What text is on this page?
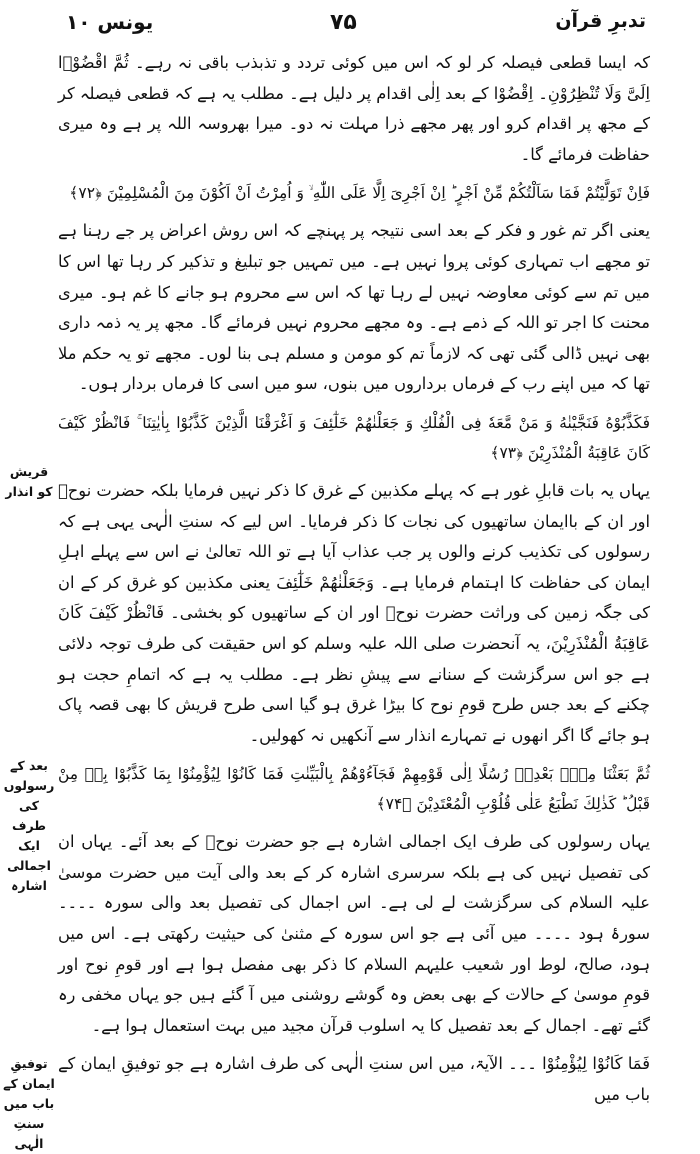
یونس ۱۰	۷۵	تدبرِ قرآن

کہ ایسا قطعی فیصلہ کر لو کہ اس میں کوئی تردد و تذبذب باقی نہ رہے۔ ثُمَّ اقْضُوْۤا اِلَیَّ وَلَا تُنْظِرُوْنِ۔ اِقْضُوْا کے بعد اِلٰی اقدام پر دلیل ہے۔ مطلب یہ ہے کہ قطعی فیصلہ کر کے مجھ پر اقدام کرو اور پھر مجھے ذرا مہلت نہ دو۔ میرا بھروسہ اللہ پر ہے وہ میری حفاظت فرمائے گا۔

فَاِنْ تَوَلَّیْتُمْ فَمَا سَاَلْتُكُمْ مِّنْ اَجْرٍ ؕ اِنْ اَجْرِیَ اِلَّا عَلَی اللّٰهِ ۙ وَ اُمِرْتُ اَنْ اَكُوْنَ مِنَ الْمُسْلِمِیْنَ ﴿۷۲﴾

یعنی اگر تم غور و فکر کے بعد اسی نتیجہ پر پہنچے کہ اس روش اعراض پر جے رہنا ہے تو مجھے اب تمہاری کوئی پروا نہیں ہے۔ میں تمہیں جو تبلیغ و تذکیر کر رہا تھا اس کا میں تم سے کوئی معاوضہ نہیں لے رہا تھا کہ اس سے محروم ہو جانے کا غم ہو۔ میری محنت کا اجر تو اللہ کے ذمے ہے۔ وہ مجھے محروم نہیں فرمائے گا۔ مجھ پر یہ ذمہ داری بھی نہیں ڈالی گئی تھی کہ لازماً تم کو مومن و مسلم ہی بنا لوں۔ مجھے تو یہ حکم ملا تھا کہ میں اپنے رب کے فرماں برداروں میں بنوں، سو میں اسی کا فرماں بردار ہوں۔

فَكَذَّبُوْهُ فَنَجَّیْنٰهُ وَ مَنْ مَّعَهٗ فِی الْفُلْكِ وَ جَعَلْنٰهُمْ خَلٰٓئِفَ وَ اَغْرَقْنَا الَّذِیْنَ كَذَّبُوْا بِاٰیٰتِنَا ۚ فَانْظُرْ كَیْفَ كَانَ عَاقِبَةُ الْمُنْذَرِیْنَ ﴿۷۳﴾

یہاں یہ بات قابلِ غور ہے کہ پہلے مکذبین کے غرق کا ذکر نہیں فرمایا بلکہ حضرت نوحؑ اور ان کے باایمان ساتھیوں کی نجات کا ذکر فرمایا۔ اس لیے کہ سنتِ الٰہی یہی ہے کہ رسولوں کی تکذیب کرنے والوں پر جب عذاب آیا ہے تو اللہ تعالیٰ نے اس سے پہلے اہلِ ایمان کی حفاظت کا اہتمام فرمایا ہے۔ وَجَعَلْنٰهُمْ خَلٰٓئِفَ یعنی مکذبین کو غرق کر کے ان کی جگہ زمین کی وراثت حضرت نوحؑ اور ان کے ساتھیوں کو بخشی۔ فَانْظُرْ كَیْفَ كَانَ عَاقِبَةُ الْمُنْذَرِیْنَ، یہ آنحضرت صلی اللہ علیہ وسلم کو اس حقیقت کی طرف توجہ دلائی ہے جو اس سرگزشت کے سنانے سے پیشِ نظر ہے۔ مطلب یہ ہے کہ اتمامِ حجت ہو چکنے کے بعد جس طرح قومِ نوح کا بیڑا غرق ہو گیا اسی طرح قریش کا بھی قصہ پاک ہو جائے گا اگر انھوں نے تمہارے انذار سے آنکھیں نہ کھولیں۔

ثُمَّ بَعَثْنَا مِنْۢ بَعْدِهٖ رُسُلًا اِلٰی قَوْمِهِمْ فَجَآءُوْهُمْ بِالْبَیِّنٰتِ فَمَا كَانُوْا لِیُؤْمِنُوْا بِمَا كَذَّبُوْا بِهٖ مِنْ قَبْلُ ؕ كَذٰلِكَ نَطْبَعُ عَلٰی قُلُوْبِ الْمُعْتَدِیْنَ ﴿۷۴﴾

یہاں رسولوں کی طرف ایک اجمالی اشارہ ہے جو حضرت نوحؑ کے بعد آئے۔ یہاں ان کی تفصیل نہیں کی ہے بلکہ سرسری اشارہ کر کے بعد والی آیت میں حضرت موسیٰ علیہ السلام کی سرگزشت لے لی ہے۔ اس اجمال کی تفصیل بعد والی سورہ ۔۔۔۔ سورۂ ہود ۔۔۔۔ میں آئی ہے جو اس سورہ کے مثنیٰ کی حیثیت رکھتی ہے۔ اس میں ہود، صالح، لوط اور شعیب علیہم السلام کا ذکر بھی مفصل ہوا ہے اور قومِ نوح اور قومِ موسیٰ کے حالات کے بھی بعض وہ گوشے روشنی میں آ گئے ہیں جو یہاں مخفی رہ گئے تھے۔ اجمال کے بعد تفصیل کا یہ اسلوب قرآن مجید میں بہت استعمال ہوا ہے۔

فَمَا كَانُوْا لِیُؤْمِنُوْا ۔۔۔ الآیۃ، میں اس سنتِ الٰہی کی طرف اشارہ ہے جو توفیقِ ایمان کے باب میں

قریش کو انذار
بعد کے رسولوں کی طرف ایک اجمالی اشارہ
توفیقِ ایمان کے باب میں سنتِ الٰہی
